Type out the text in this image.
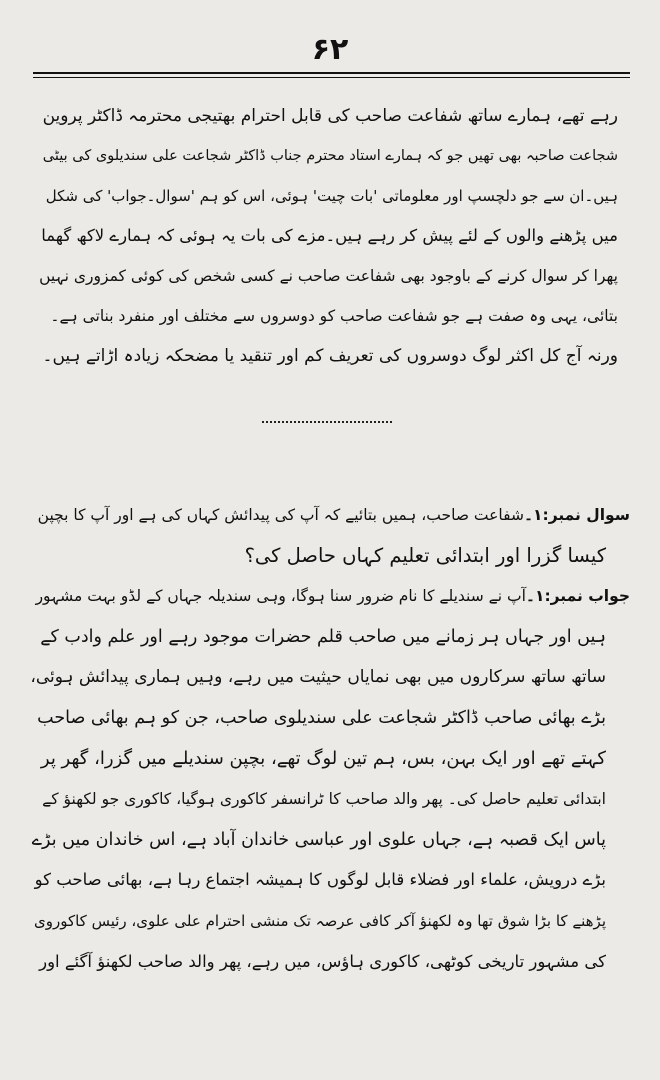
۶۲
رہے تھے، ہمارے ساتھ شفاعت صاحب کی قابل احترام بھتیجی محترمہ ڈاکٹر پروین
شجاعت صاحبہ بھی تھیں جو کہ ہمارے استاد محترم جناب ڈاکٹر شجاعت علی سندیلوی کی بیٹی
ہیں۔ان سے جو دلچسپ اور معلوماتی 'بات چیت' ہوئی، اس کو ہم 'سوال۔جواب' کی شکل
میں پڑھنے والوں کے لئے پیش کر رہے ہیں۔مزے کی بات یہ ہوئی کہ ہمارے لاکھ گھما
پھرا کر سوال کرنے کے باوجود بھی شفاعت صاحب نے کسی شخص کی کوئی کمزوری نہیں
بتائی، یہی وہ صفت ہے جو شفاعت صاحب کو دوسروں سے مختلف اور منفرد بناتی ہے۔
ورنہ آج کل اکثر لوگ دوسروں کی تعریف کم اور تنقید یا مضحکہ زیادہ اڑاتے ہیں۔
سوال نمبر:۱۔شفاعت صاحب، ہمیں بتائیے کہ آپ کی پیدائش کہاں کی ہے اور آپ کا بچپن
کیسا گزرا اور ابتدائی تعلیم کہاں حاصل کی؟
جواب نمبر:۱۔آپ نے سندیلے کا نام ضرور سنا ہوگا، وہی سندیلہ جہاں کے لڈو بہت مشہور
ہیں اور جہاں ہر زمانے میں صاحب قلم حضرات موجود رہے اور علم وادب کے
ساتھ ساتھ سرکاروں میں بھی نمایاں حیثیت میں رہے، وہیں ہماری پیدائش ہوئی،
بڑے بھائی صاحب ڈاکٹر شجاعت علی سندیلوی صاحب، جن کو ہم بھائی صاحب
کہتے تھے اور ایک بہن، بس، ہم تین لوگ تھے، بچپن سندیلے میں گزرا، گھر پر
ابتدائی تعلیم حاصل کی۔ پھر والد صاحب کا ٹرانسفر کاکوری ہوگیا، کاکوری جو لکھنؤ کے
پاس ایک قصبہ ہے، جہاں علوی اور عباسی خاندان آباد ہے، اس خاندان میں بڑے
بڑے درویش، علماء اور فضلاء قابل لوگوں کا ہمیشہ اجتماع رہا ہے، بھائی صاحب کو
پڑھنے کا بڑا شوق تھا وہ لکھنؤ آکر کافی عرصہ تک منشی احترام علی علوی، رئیس کاکوروی
کی مشہور تاریخی کوٹھی، کاکوری ہاؤس، میں رہے، پھر والد صاحب لکھنؤ آگئے اور
